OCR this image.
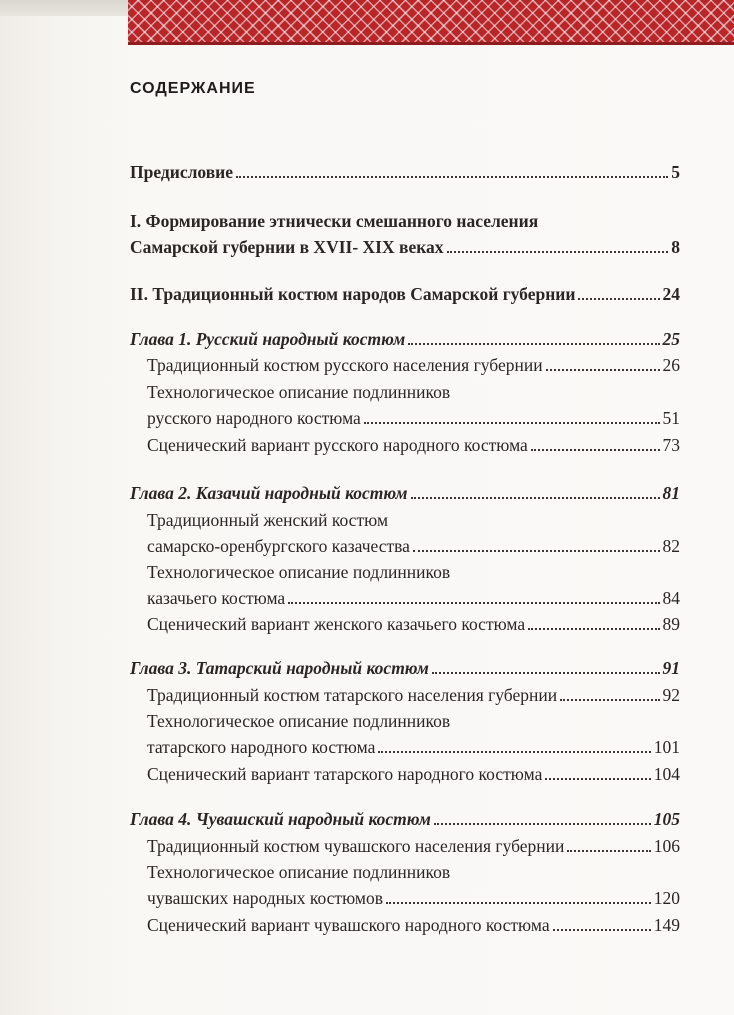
СОДЕРЖАНИЕ
Предисловие	5
I. Формирование этнически смешанного населения
Самарской губернии в XVII- XIX веках	8
II. Традиционный костюм народов Самарской губернии	24
Глава 1. Русский народный костюм	25
Традиционный костюм русского населения губернии	26
Технологическое описание подлинников
русского народного костюма	51
Сценический вариант русского народного костюма	73
Глава 2. Казачий народный костюм	81
Традиционный женский костюм
самарско-оренбургского казачества	82
Технологическое описание подлинников
казачьего костюма	84
Сценический вариант женского казачьего костюма	89
Глава 3. Татарский народный костюм	91
Традиционный костюм татарского населения губернии	92
Технологическое описание подлинников
татарского народного костюма	101
Сценический вариант татарского народного костюма	104
Глава 4. Чувашский народный костюм	105
Традиционный костюм чувашского населения губернии	106
Технологическое описание подлинников
чувашских народных костюмов	120
Сценический вариант чувашского народного костюма	149
